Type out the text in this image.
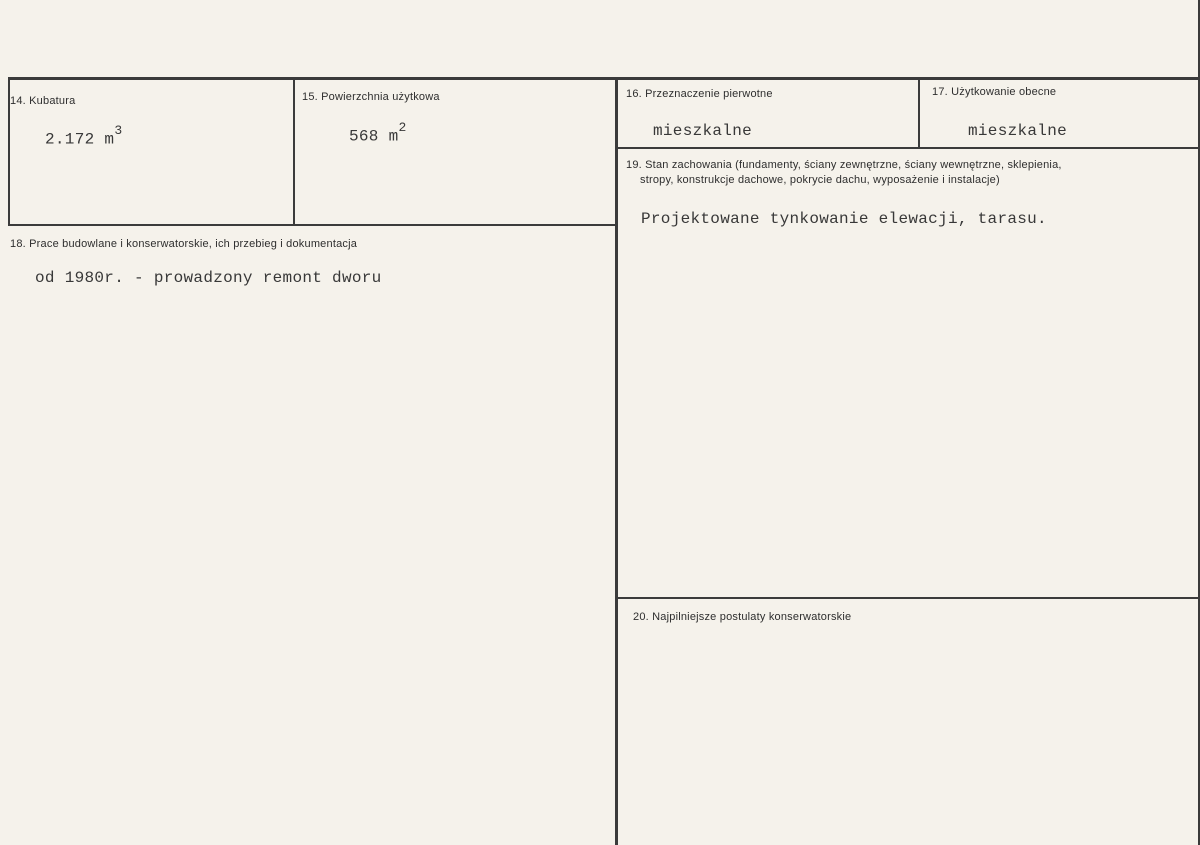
14. Kubatura
2.172 $m^3$
15. Powierzchnia użytkowa
568 $m^2$
16. Przeznaczenie pierwotne
mieszkalne
17. Użytkowanie obecne
mieszkalne
18. Prace budowlane i konserwatorskie, ich przebieg i dokumentacja
od 1980r. - prowadzony remont dworu
19. Stan zachowania (fundamenty, ściany zewnętrzne, ściany wewnętrzne, sklepienia,
stropy, konstrukcje dachowe, pokrycie dachu, wyposażenie i instalacje)
Projektowane tynkowanie elewacji, tarasu.
20. Najpilniejsze postulaty konserwatorskie
